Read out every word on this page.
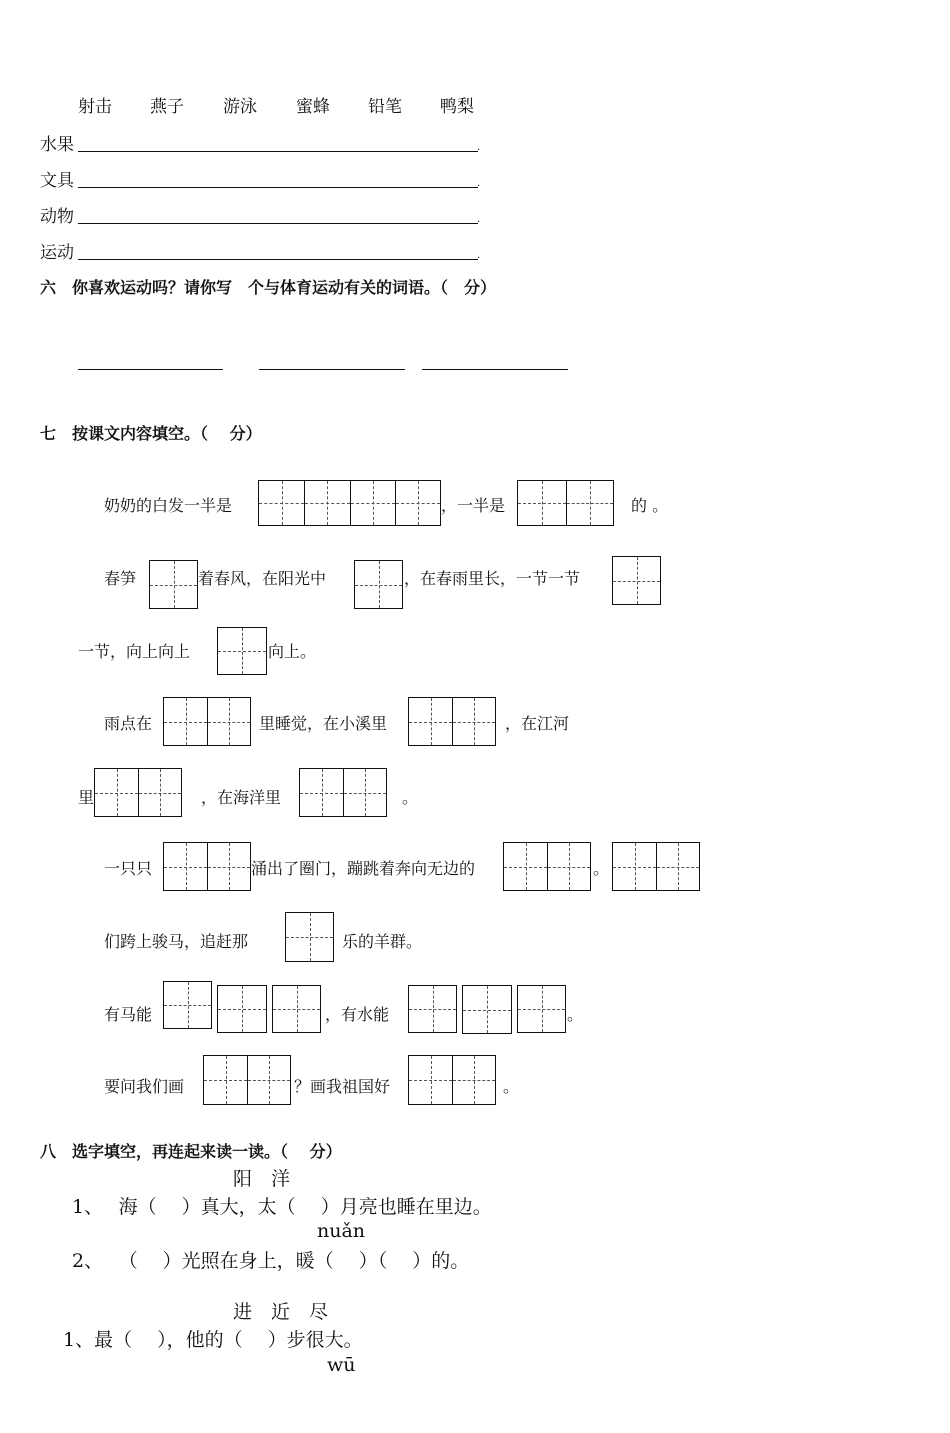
射击 燕子 游泳 蜜蜂 铅笔 鸭梨
水果	.
文具	.
动物	.
运动	.
六　你喜欢运动吗？请你写　个与体育运动有关的词语。（　分）
七　按课文内容填空。（　 分）
奶奶的白发一半是	，一半是	的 。
春笋	着春风，在阳光中	，在春雨里长，一节一节
一节，向上向上	向上。
雨点在	里睡觉，在小溪里	，在江河
里	，在海洋里	。
一只只	涌出了圈门，蹦跳着奔向无边的	。
们跨上骏马，追赶那	乐的羊群。
有马能	，有水能	。
要问我们画	？画我祖国好	。
八　选字填空，再连起来读一读。（　 分）
阳　洋
1、　 海（　 ）真大，太（　 ）月亮也睡在里边。
nuǎn
2、　 （　 ）光照在身上，暖（　 ）（　 ）的。
进　近　尽
1、最（　 ），他的（　 ）步很大。
wū
